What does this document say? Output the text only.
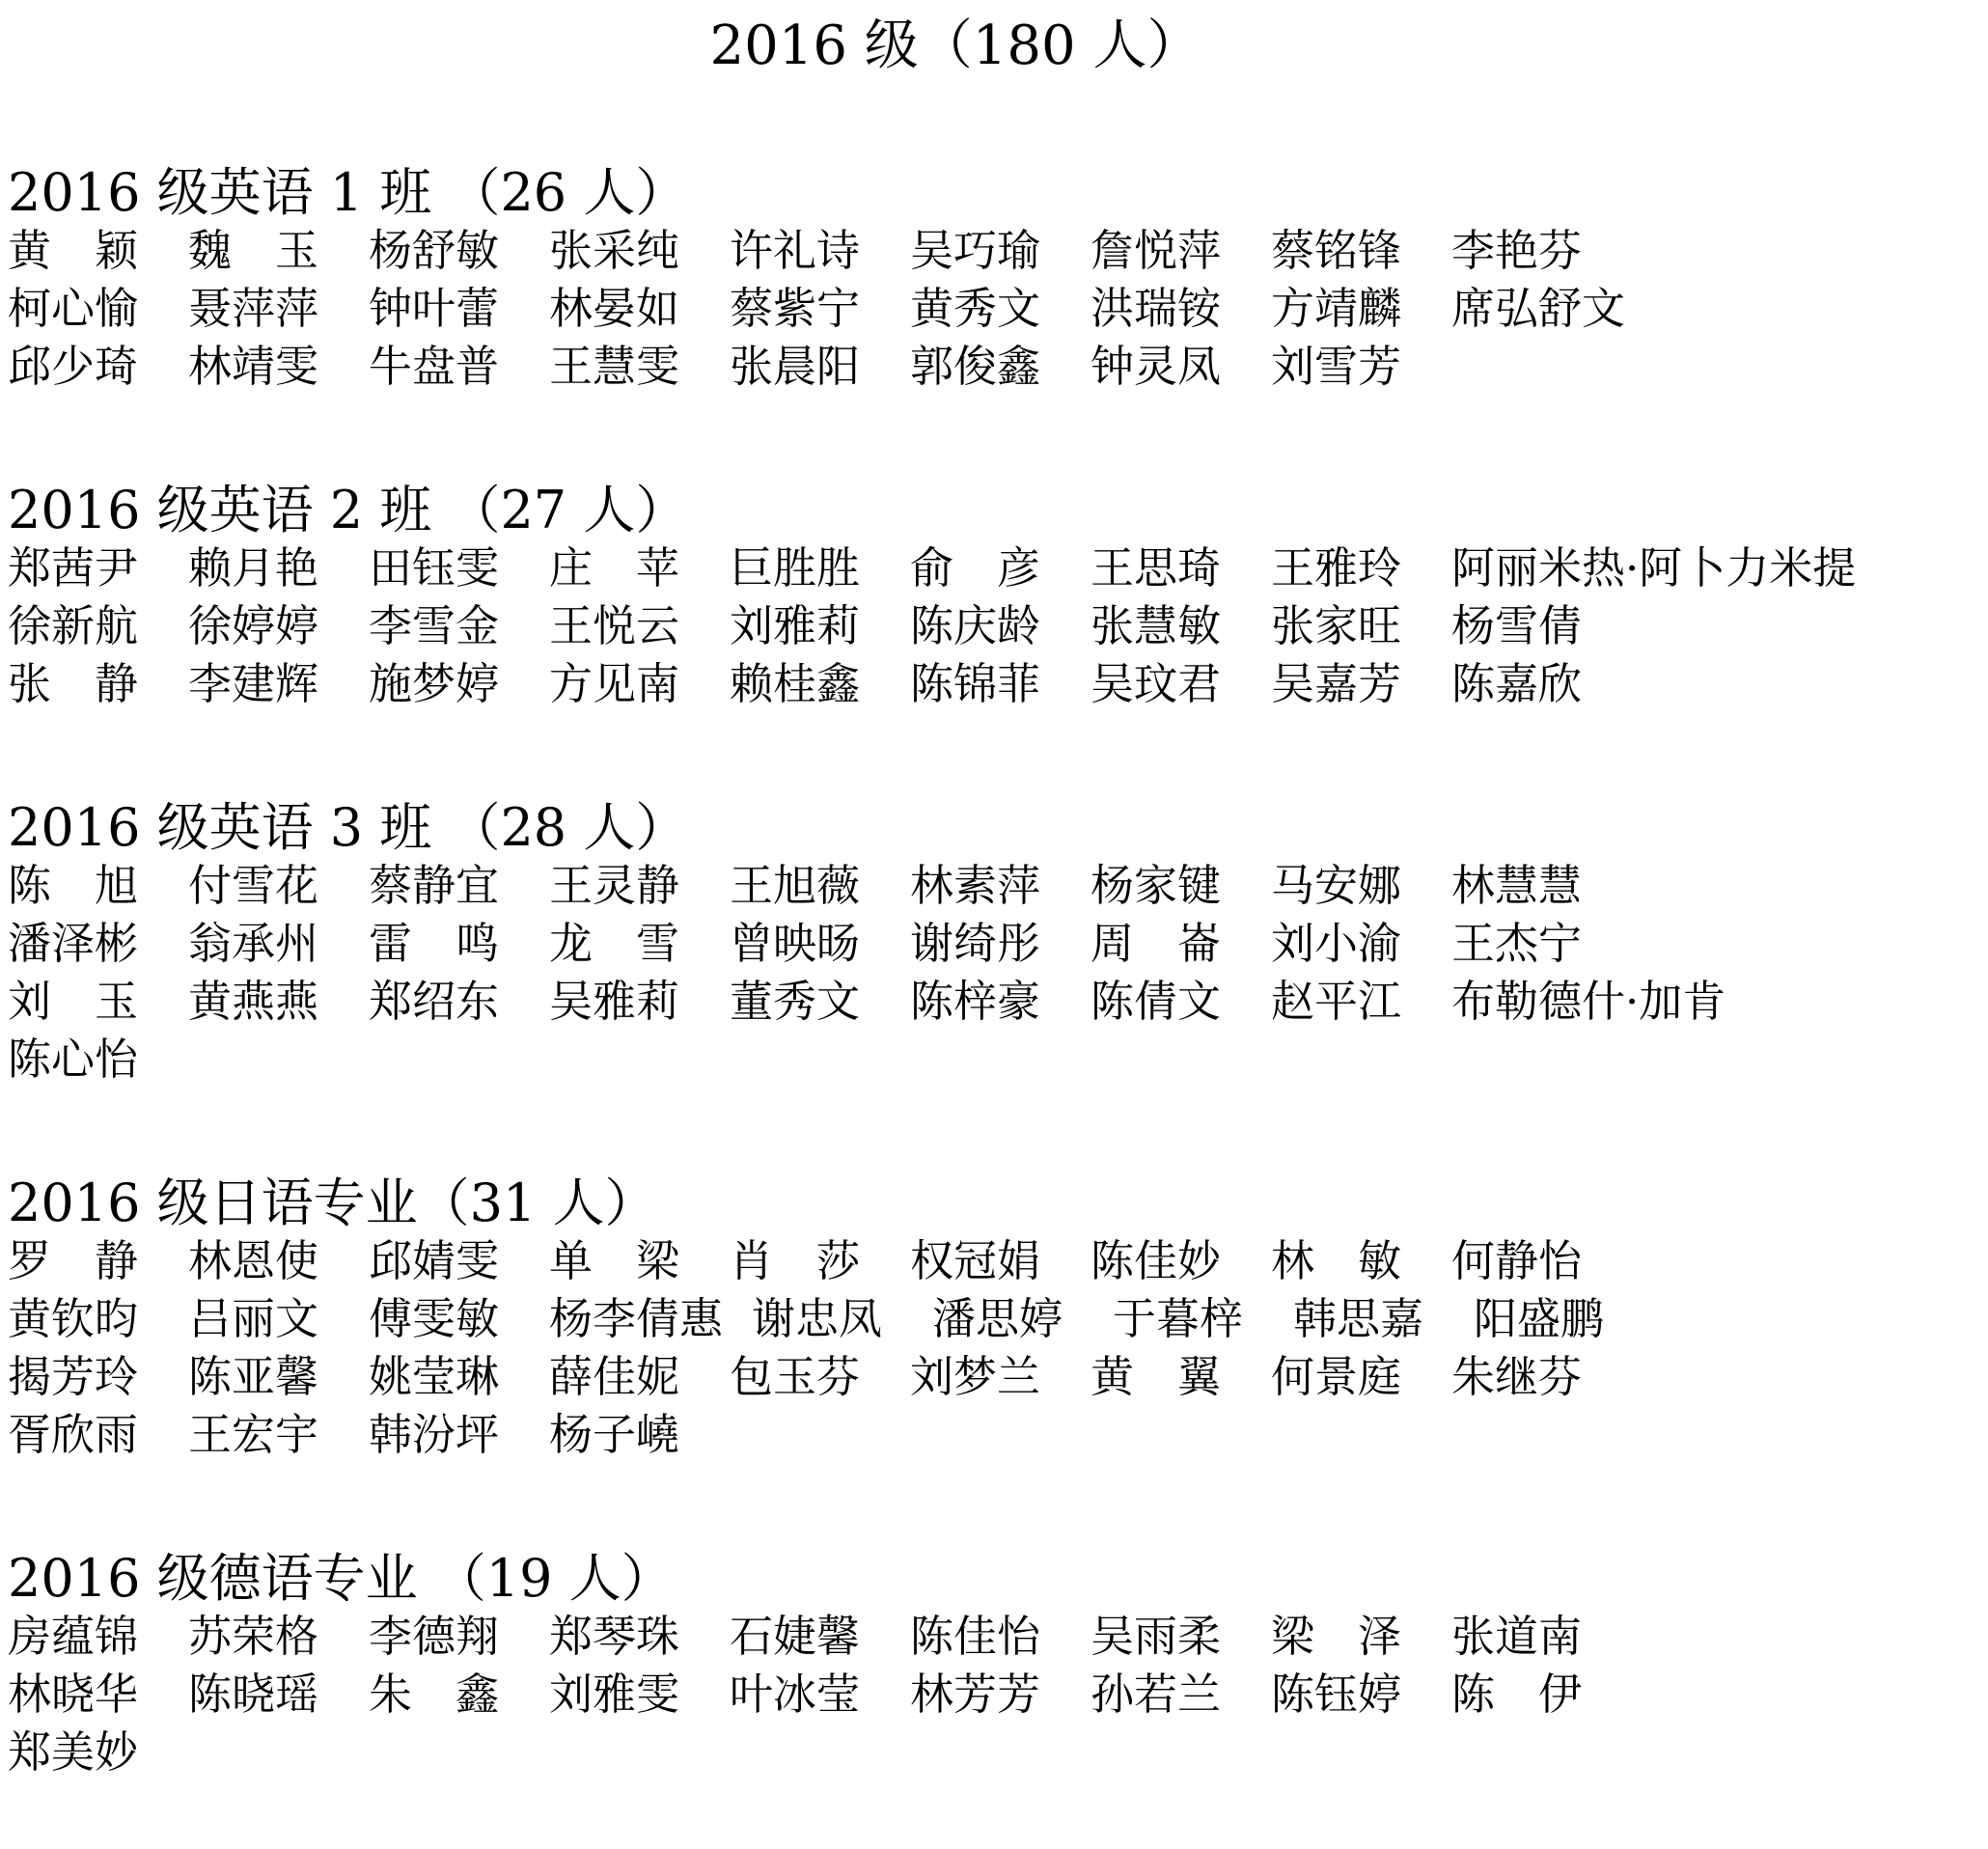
2016 级（180 人）
2016 级英语 1 班 （26 人）
黄　颖 魏　玉 杨舒敏 张采纯 许礼诗 吴巧瑜 詹悦萍 蔡铭锋 李艳芬
柯心愉 聂萍萍 钟叶蕾 林晏如 蔡紫宁 黄秀文 洪瑞铵 方靖麟 席弘舒文
邱少琦 林靖雯 牛盘普 王慧雯 张晨阳 郭俊鑫 钟灵凤 刘雪芳
2016 级英语 2 班 （27 人）
郑茜尹 赖月艳 田钰雯 庄　苹 巨胜胜 俞　彦 王思琦 王雅玲 阿丽米热·阿卜力米提
徐新航 徐婷婷 李雪金 王悦云 刘雅莉 陈庆龄 张慧敏 张家旺 杨雪倩
张　静 李建辉 施梦婷 方见南 赖桂鑫 陈锦菲 吴玟君 吴嘉芳 陈嘉欣
2016 级英语 3 班 （28 人）
陈　旭 付雪花 蔡静宜 王灵静 王旭薇 林素萍 杨家键 马安娜 林慧慧
潘泽彬 翁承州 雷　鸣 龙　雪 曾映旸 谢绮彤 周　崙 刘小渝 王杰宁
刘　玉 黄燕燕 郑绍东 吴雅莉 董秀文 陈梓豪 陈倩文 赵平江 布勒德什·加肯
陈心怡
2016 级日语专业（31 人）
罗　静 林恩使 邱婧雯 单　梁 肖　莎 权冠娟 陈佳妙 林　敏 何静怡
黄钦昀 吕丽文 傅雯敏 杨李倩惠 谢忠凤 潘思婷 于暮梓 韩思嘉 阳盛鹏
揭芳玲 陈亚馨 姚莹琳 薛佳妮 包玉芬 刘梦兰 黄　翼 何景庭 朱继芬
胥欣雨 王宏宇 韩汾坪 杨子嶢
2016 级德语专业 （19 人）
房蕴锦 苏荣格 李德翔 郑琴珠 石婕馨 陈佳怡 吴雨柔 梁　泽 张道南
林晓华 陈晓瑶 朱　鑫 刘雅雯 叶冰莹 林芳芳 孙若兰 陈钰婷 陈　伊
郑美妙
